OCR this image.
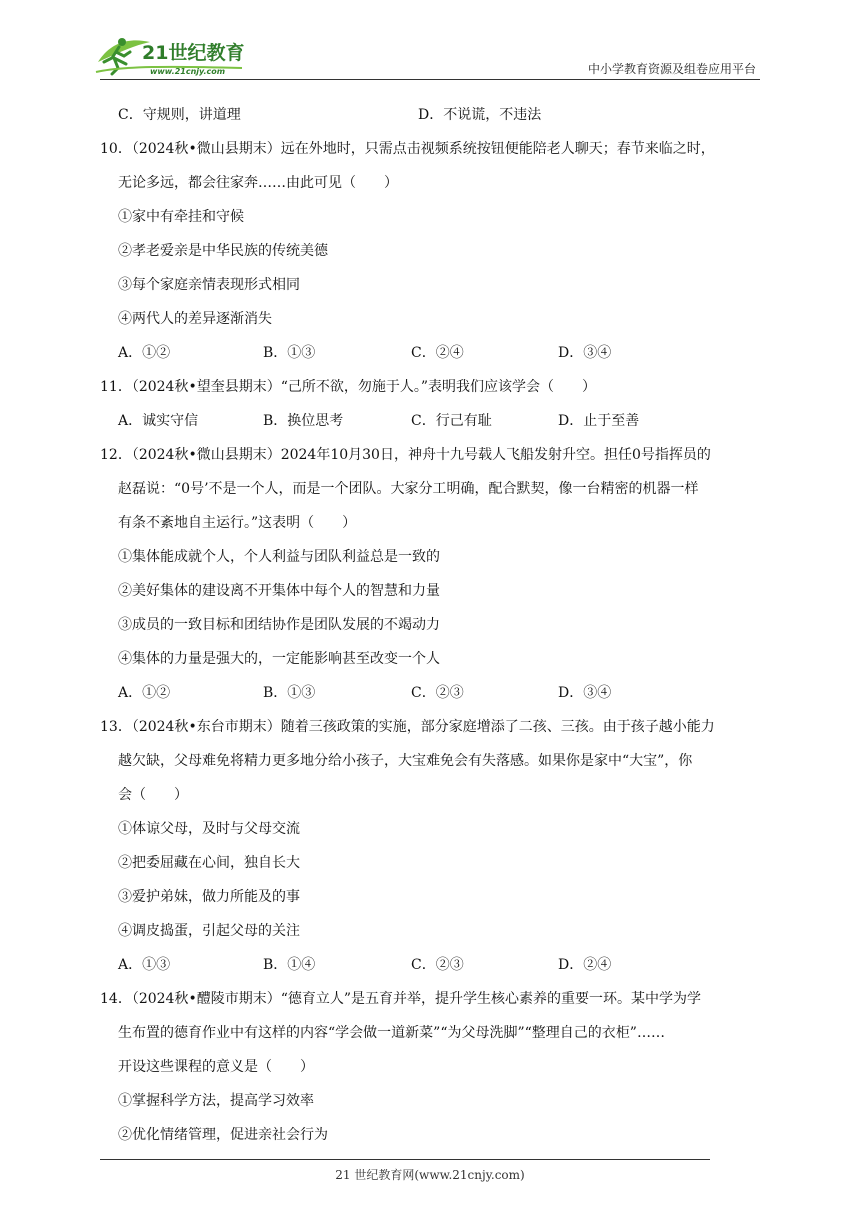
21世纪教育
www.21cnjy.com	中小学教育资源及组卷应用平台
C．守规则，讲道理	D．不说谎，不违法
10．（2024秋•微山县期末）远在外地时，只需点击视频系统按钮便能陪老人聊天；春节来临之时，
无论多远，都会往家奔……由此可见（　　）
①家中有牵挂和守候
②孝老爱亲是中华民族的传统美德
③每个家庭亲情表现形式相同
④两代人的差异逐渐消失
A．①②	B．①③	C．②④	D．③④
11．（2024秋•望奎县期末）“己所不欲，勿施于人。”表明我们应该学会（　　）
A．诚实守信	B．换位思考	C．行己有耻	D．止于至善
12．（2024秋•微山县期末）2024年10月30日，神舟十九号载人飞船发射升空。担任0号指挥员的
赵磊说：“0号’不是一个人，而是一个团队。大家分工明确，配合默契，像一台精密的机器一样
有条不紊地自主运行。”这表明（　　）
①集体能成就个人，个人利益与团队利益总是一致的
②美好集体的建设离不开集体中每个人的智慧和力量
③成员的一致目标和团结协作是团队发展的不竭动力
④集体的力量是强大的，一定能影响甚至改变一个人
A．①②	B．①③	C．②③	D．③④
13．（2024秋•东台市期末）随着三孩政策的实施，部分家庭增添了二孩、三孩。由于孩子越小能力
越欠缺，父母难免将精力更多地分给小孩子，大宝难免会有失落感。如果你是家中“大宝”，你
会（　　）
①体谅父母，及时与父母交流
②把委屈藏在心间，独自长大
③爱护弟妹，做力所能及的事
④调皮捣蛋，引起父母的关注
A．①③	B．①④	C．②③	D．②④
14．（2024秋•醴陵市期末）“德育立人”是五育并举，提升学生核心素养的重要一环。某中学为学
生布置的德育作业中有这样的内容“学会做一道新菜”“为父母洗脚”“整理自己的衣柜”……
开设这些课程的意义是（　　）
①掌握科学方法，提高学习效率
②优化情绪管理，促进亲社会行为
21 世纪教育网(www.21cnjy.com)
